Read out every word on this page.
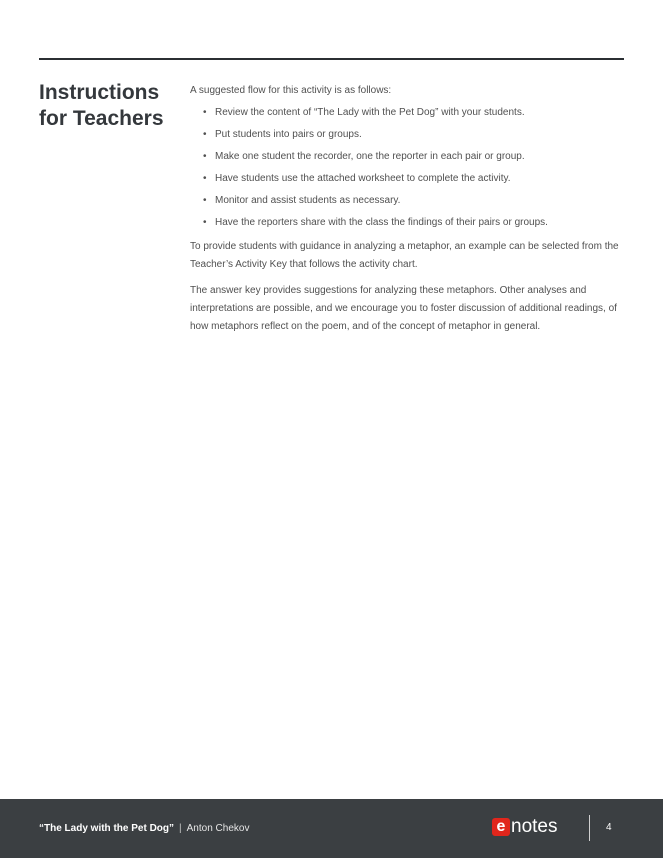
Instructions
for Teachers

A suggested flow for this activity is as follows:

• Review the content of “The Lady with the Pet Dog” with your students.
• Put students into pairs or groups.
• Make one student the recorder, one the reporter in each pair or group.
• Have students use the attached worksheet to complete the activity.
• Monitor and assist students as necessary.
• Have the reporters share with the class the findings of their pairs or groups.

To provide students with guidance in analyzing a metaphor, an example can be selected from the Teacher’s Activity Key that follows the activity chart.

The answer key provides suggestions for analyzing these metaphors. Other analyses and interpretations are possible, and we encourage you to foster discussion of additional readings, of how metaphors reflect on the poem, and of the concept of metaphor in general.

“The Lady with the Pet Dog” | Anton Chekov	e notes	4
